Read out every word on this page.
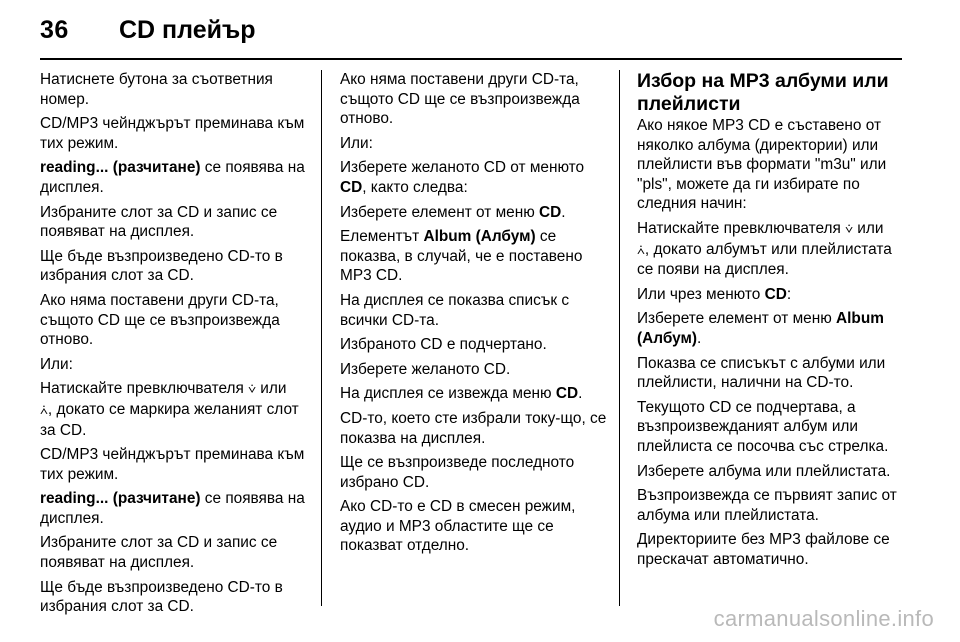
36 CD плейър

Натиснете бутона за съответния номер.

CD/MP3 чейнджърът преминава към тих режим.

reading... (разчитане) се появява на дисплея.

Избраните слот за CD и запис се появяват на дисплея.

Ще бъде възпроизведено CD-то в избрания слот за CD.

Ако няма поставени други CD-та, същото CD ще се възпроизвежда отново.

Или:

Натискайте превключвателя ⩒ или
⩑, докато се маркира желаният слот за CD.

CD/MP3 чейнджърът преминава към тих режим.

reading... (разчитане) се появява на дисплея.

Избраните слот за CD и запис се появяват на дисплея.

Ще бъде възпроизведено CD-то в избрания слот за CD.

Ако няма поставени други CD-та, същото CD ще се възпроизвежда отново.

Или:

Изберете желаното CD от менюто CD, както следва:

Изберете елемент от меню CD.

Елементът Album (Албум) се показва, в случай, че е поставено MP3 CD.

На дисплея се показва списък с всички CD-та.

Избраното CD е подчертано.

Изберете желаното CD.

На дисплея се извежда меню CD.

CD-то, което сте избрали току-що, се показва на дисплея.

Ще се възпроизведе последното избрано CD.

Ако CD-то е CD в смесен режим, аудио и MP3 областите ще се показват отделно.

Избор на MP3 албуми или плейлисти

Ако някое MP3 CD е съставено от няколко албума (директории) или плейлисти във формати "m3u" или "pls", можете да ги избирате по следния начин:

Натискайте превключвателя ⩒ или
⩑, докато албумът или плейлистата се появи на дисплея.

Или чрез менюто CD:

Изберете елемент от меню Album (Албум).

Показва се списъкът с албуми или плейлисти, налични на CD-то.

Текущото CD се подчертава, а възпроизвежданият албум или плейлиста се посочва със стрелка.

Изберете албума или плейлистата.

Възпроизвежда се първият запис от албума или плейлистата.

Директориите без MP3 файлове се прескачат автоматично.

carmanualsonline.info
